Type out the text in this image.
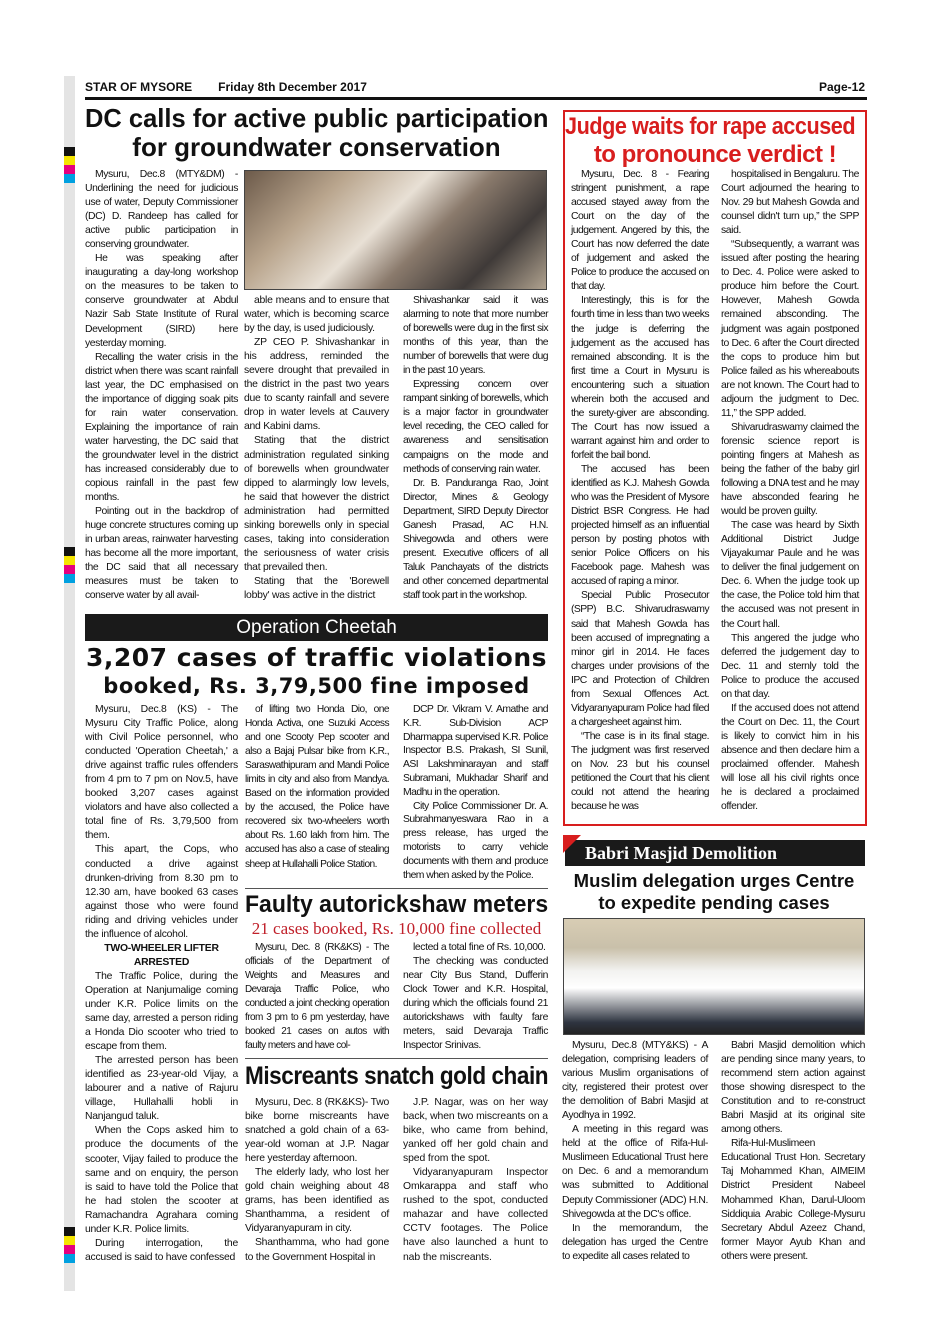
STAR OF MYSORE Friday 8th December 2017	Page-12
DC calls for active public participation
for groundwater conservation

Mysuru, Dec.8 (MTY&DM) - Underlining the need for judicious use of water, Deputy Commissioner (DC) D. Randeep has called for active public participation in conserving groundwater.

He was speaking after inaugurating a day-long workshop on the measures to be taken to conserve groundwater at Abdul Nazir Sab State Institute of Rural Development (SIRD) here yesterday morning.

Recalling the water crisis in the district when there was scant rainfall last year, the DC emphasised on the importance of digging soak pits for rain water conservation. Explaining the importance of rain water harvesting, the DC said that the groundwater level in the district has increased considerably due to copious rainfall in the past few months.

Pointing out in the backdrop of huge concrete structures coming up in urban areas, rainwater harvesting has become all the more important, the DC said that all necessary measures must be taken to conserve water by all avail-

able means and to ensure that water, which is becoming scarce by the day, is used judiciously.

ZP CEO P. Shivashankar in his address, reminded the severe drought that prevailed in the district in the past two years due to scanty rainfall and severe drop in water levels at Cauvery and Kabini dams.

Stating that the district administration regulated sinking of borewells when groundwater dipped to alarmingly low levels, he said that however the district administration had permitted sinking borewells only in special cases, taking into consideration the seriousness of water crisis that prevailed then.

Stating that the 'Borewell lobby' was active in the district

Shivashankar said it was alarming to note that more number of borewells were dug in the first six months of this year, than the number of borewells that were dug in the past 10 years.

Expressing concern over rampant sinking of borewells, which is a major factor in groundwater level receding, the CEO called for awareness and sensitisation campaigns on the mode and methods of conserving rain water.

Dr. B. Panduranga Rao, Joint Director, Mines & Geology Department, SIRD Deputy Director Ganesh Prasad, AC H.N. Shivegowda and others were present. Executive officers of all Taluk Panchayats of the districts and other concerned departmental staff took part in the workshop.

Judge waits for rape accused
to pronounce verdict !

Mysuru, Dec. 8 - Fearing stringent punishment, a rape accused stayed away from the Court on the day of the judgement. Angered by this, the Court has now deferred the date of judgement and asked the Police to produce the accused on that day.

Interestingly, this is for the fourth time in less than two weeks the judge is deferring the judgement as the accused has remained absconding. It is the first time a Court in Mysuru is encountering such a situation wherein both the accused and the surety-giver are absconding. The Court has now issued a warrant against him and order to forfeit the bail bond.

The accused has been identified as K.J. Mahesh Gowda who was the President of Mysore District BSR Congress. He had projected himself as an influential person by posting photos with senior Police Officers on his Facebook page. Mahesh was accused of raping a minor.

Special Public Prosecutor (SPP) B.C. Shivarudraswamy said that Mahesh Gowda has been accused of impregnating a minor girl in 2014. He faces charges under provisions of the IPC and Protection of Children from Sexual Offences Act. Vidyaranyapuram Police had filed a chargesheet against him.

“The case is in its final stage. The judgment was first reserved on Nov. 23 but his counsel petitioned the Court that his client could not attend the hearing because he was

hospitalised in Bengaluru. The Court adjourned the hearing to Nov. 29 but Mahesh Gowda and counsel didn't turn up,” the SPP said.

“Subsequently, a warrant was issued after posting the hearing to Dec. 4. Police were asked to produce him before the Court. However, Mahesh Gowda remained absconding. The judgment was again postponed to Dec. 6 after the Court directed the cops to produce him but Police failed as his whereabouts are not known. The Court had to adjourn the judgment to Dec. 11,” the SPP added.

Shivarudraswamy claimed the forensic science report is pointing fingers at Mahesh as being the father of the baby girl following a DNA test and he may have absconded fearing he would be proven guilty.

The case was heard by Sixth Additional District Judge Vijayakumar Paule and he was to deliver the final judgement on Dec. 6. When the judge took up the case, the Police told him that the accused was not present in the Court hall.

This angered the judge who deferred the judgement day to Dec. 11 and sternly told the Police to produce the accused on that day.

If the accused does not attend the Court on Dec. 11, the Court is likely to convict him in his absence and then declare him a proclaimed offender. Mahesh will lose all his civil rights once he is declared a proclaimed offender.

Operation Cheetah
3,207 cases of traffic violations
booked, Rs. 3,79,500 fine imposed

Mysuru, Dec.8 (KS) - The Mysuru City Traffic Police, along with Civil Police personnel, who conducted 'Operation Cheetah,' a drive against traffic rules offenders from 4 pm to 7 pm on Nov.5, have booked 3,207 cases against violators and have also collected a total fine of Rs. 3,79,500 from them.

This apart, the Cops, who conducted a drive against drunken-driving from 8.30 pm to 12.30 am, have booked 63 cases against those who were found riding and driving vehicles under the influence of alcohol.

TWO-WHEELER LIFTER ARRESTED

The Traffic Police, during the Operation at Nanjumalige coming under K.R. Police limits on the same day, arrested a person riding a Honda Dio scooter who tried to escape from them.

The arrested person has been identified as 23-year-old Vijay, a labourer and a native of Rajuru village, Hullahalli hobli in Nanjangud taluk.

When the Cops asked him to produce the documents of the scooter, Vijay failed to produce the same and on enquiry, the person is said to have told the Police that he had stolen the scooter at Ramachandra Agrahara coming under K.R. Police limits.

During interrogation, the accused is said to have confessed

of lifting two Honda Dio, one Honda Activa, one Suzuki Access and one Scooty Pep scooter and also a Bajaj Pulsar bike from K.R., Saraswathipuram and Mandi Police limits in city and also from Mandya. Based on the information provided by the accused, the Police have recovered six two-wheelers worth about Rs. 1.60 lakh from him. The accused has also a case of stealing sheep at Hullahalli Police Station.

DCP Dr. Vikram V. Amathe and K.R. Sub-Division ACP Dharmappa supervised K.R. Police Inspector B.S. Prakash, SI Sunil, ASI Lakshminarayan and staff Subramani, Mukhadar Sharif and Madhu in the operation.

City Police Commissioner Dr. A. Subrahmanyeswara Rao in a press release, has urged the motorists to carry vehicle documents with them and produce them when asked by the Police.

Faulty autorickshaw meters
21 cases booked, Rs. 10,000 fine collected

Mysuru, Dec. 8 (RK&KS) - The officials of the Department of Weights and Measures and Devaraja Traffic Police, who conducted a joint checking operation from 3 pm to 6 pm yesterday, have booked 21 cases on autos with faulty meters and have col-

lected a total fine of Rs. 10,000.

The checking was conducted near City Bus Stand, Dufferin Clock Tower and K.R. Hospital, during which the officials found 21 autorickshaws with faulty fare meters, said Devaraja Traffic Inspector Srinivas.

Miscreants snatch gold chain

Mysuru, Dec. 8 (RK&KS)- Two bike borne miscreants have snatched a gold chain of a 63-year-old woman at J.P. Nagar here yesterday afternoon.

The elderly lady, who lost her gold chain weighing about 48 grams, has been identified as Shanthamma, a resident of Vidyaranyapuram in city.

Shanthamma, who had gone to the Government Hospital in

J.P. Nagar, was on her way back, when two miscreants on a bike, who came from behind, yanked off her gold chain and sped from the spot.

Vidyaranyapuram Inspector Omkarappa and staff who rushed to the spot, conducted mahazar and have collected CCTV footages. The Police have also launched a hunt to nab the miscreants.

Babri Masjid Demolition
Muslim delegation urges Centre
to expedite pending cases

Mysuru, Dec.8 (MTY&KS) - A delegation, comprising leaders of various Muslim organisations of city, registered their protest over the demolition of Babri Masjid at Ayodhya in 1992.

A meeting in this regard was held at the office of Rifa-Hul-Muslimeen Educational Trust here on Dec. 6 and a memorandum was submitted to Additional Deputy Commissioner (ADC) H.N. Shivegowda at the DC's office.

In the memorandum, the delegation has urged the Centre to expedite all cases related to

Babri Masjid demolition which are pending since many years, to recommend stern action against those showing disrespect to the Constitution and to re-construct Babri Masjid at its original site among others.

Rifa-Hul-Muslimeen Educational Trust Hon. Secretary Taj Mohammed Khan, AIMEIM District President Nabeel Mohammed Khan, Darul-Uloom Siddiquia Arabic College-Mysuru Secretary Abdul Azeez Chand, former Mayor Ayub Khan and others were present.
